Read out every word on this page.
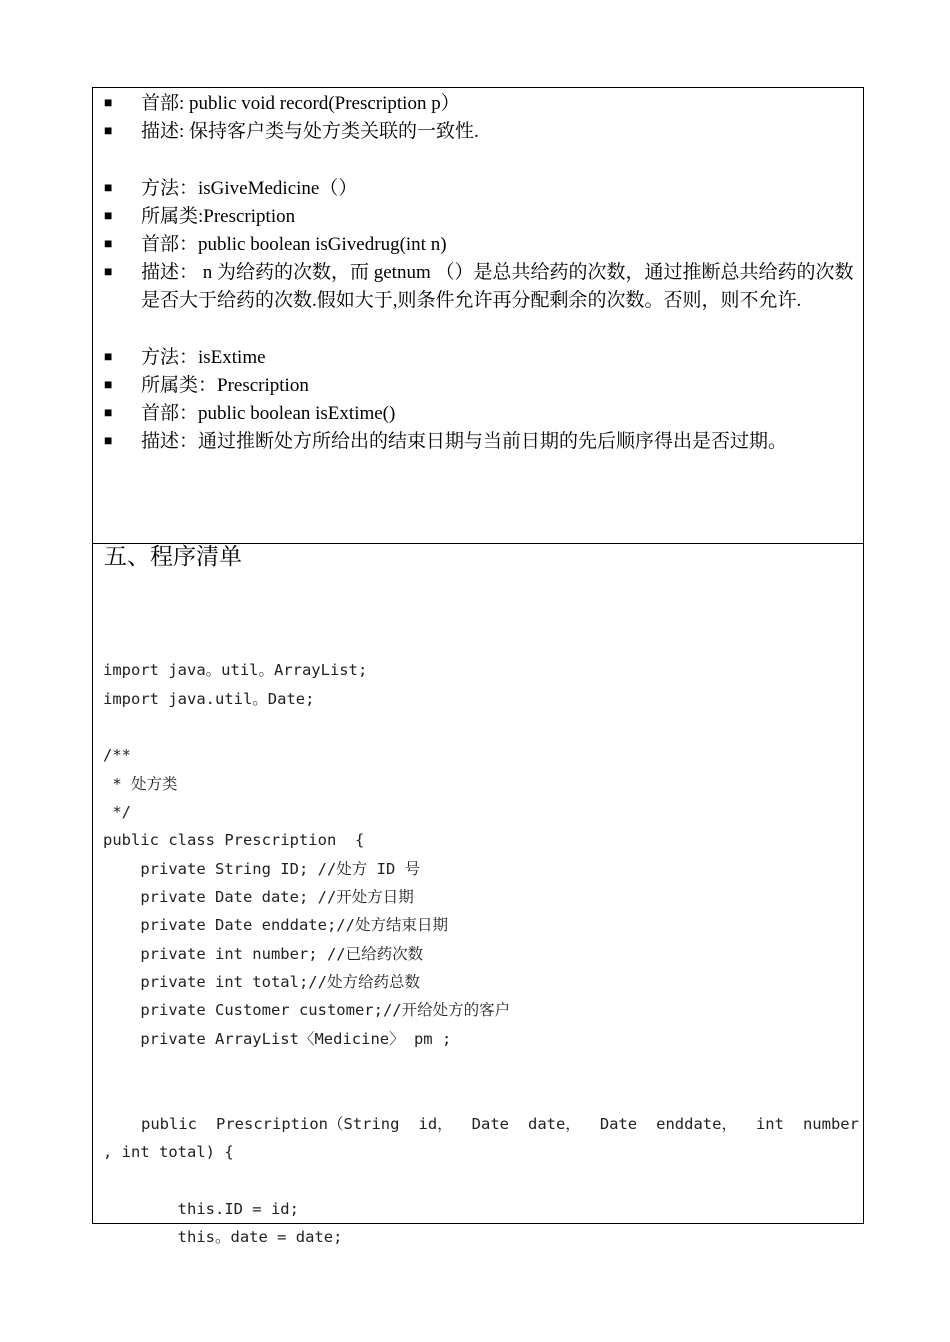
■	首部: public void record(Prescription p）
■	描述: 保持客户类与处方类关联的一致性.
■	方法：isGiveMedicine（）
■	所属类:Prescription
■	首部：public boolean isGivedrug(int n)
■	描述： n 为给药的次数，而 getnum （）是总共给药的次数，通过推断总共给药的次数是否大于给药的次数.假如大于,则条件允许再分配剩余的次数。否则，则不允许.
■	方法：isExtime
■	所属类：Prescription
■	首部：public boolean isExtime()
■	描述：通过推断处方所给出的结束日期与当前日期的先后顺序得出是否过期。
五、程序清单
import java。util。ArrayList;
import java.util。Date;
/**
* 处方类
*/
public class Prescription  {
private String ID; //处方 ID 号
private Date date; //开处方日期
private Date enddate;//处方结束日期
private int number; //已给药次数
private int total;//处方给药总数
private Customer customer;//开给处方的客户
private ArrayList〈Medicine〉 pm ;
public Prescription（String id， Date date， Date enddate， int number
, int total) {
this.ID = id;
this。date = date;
